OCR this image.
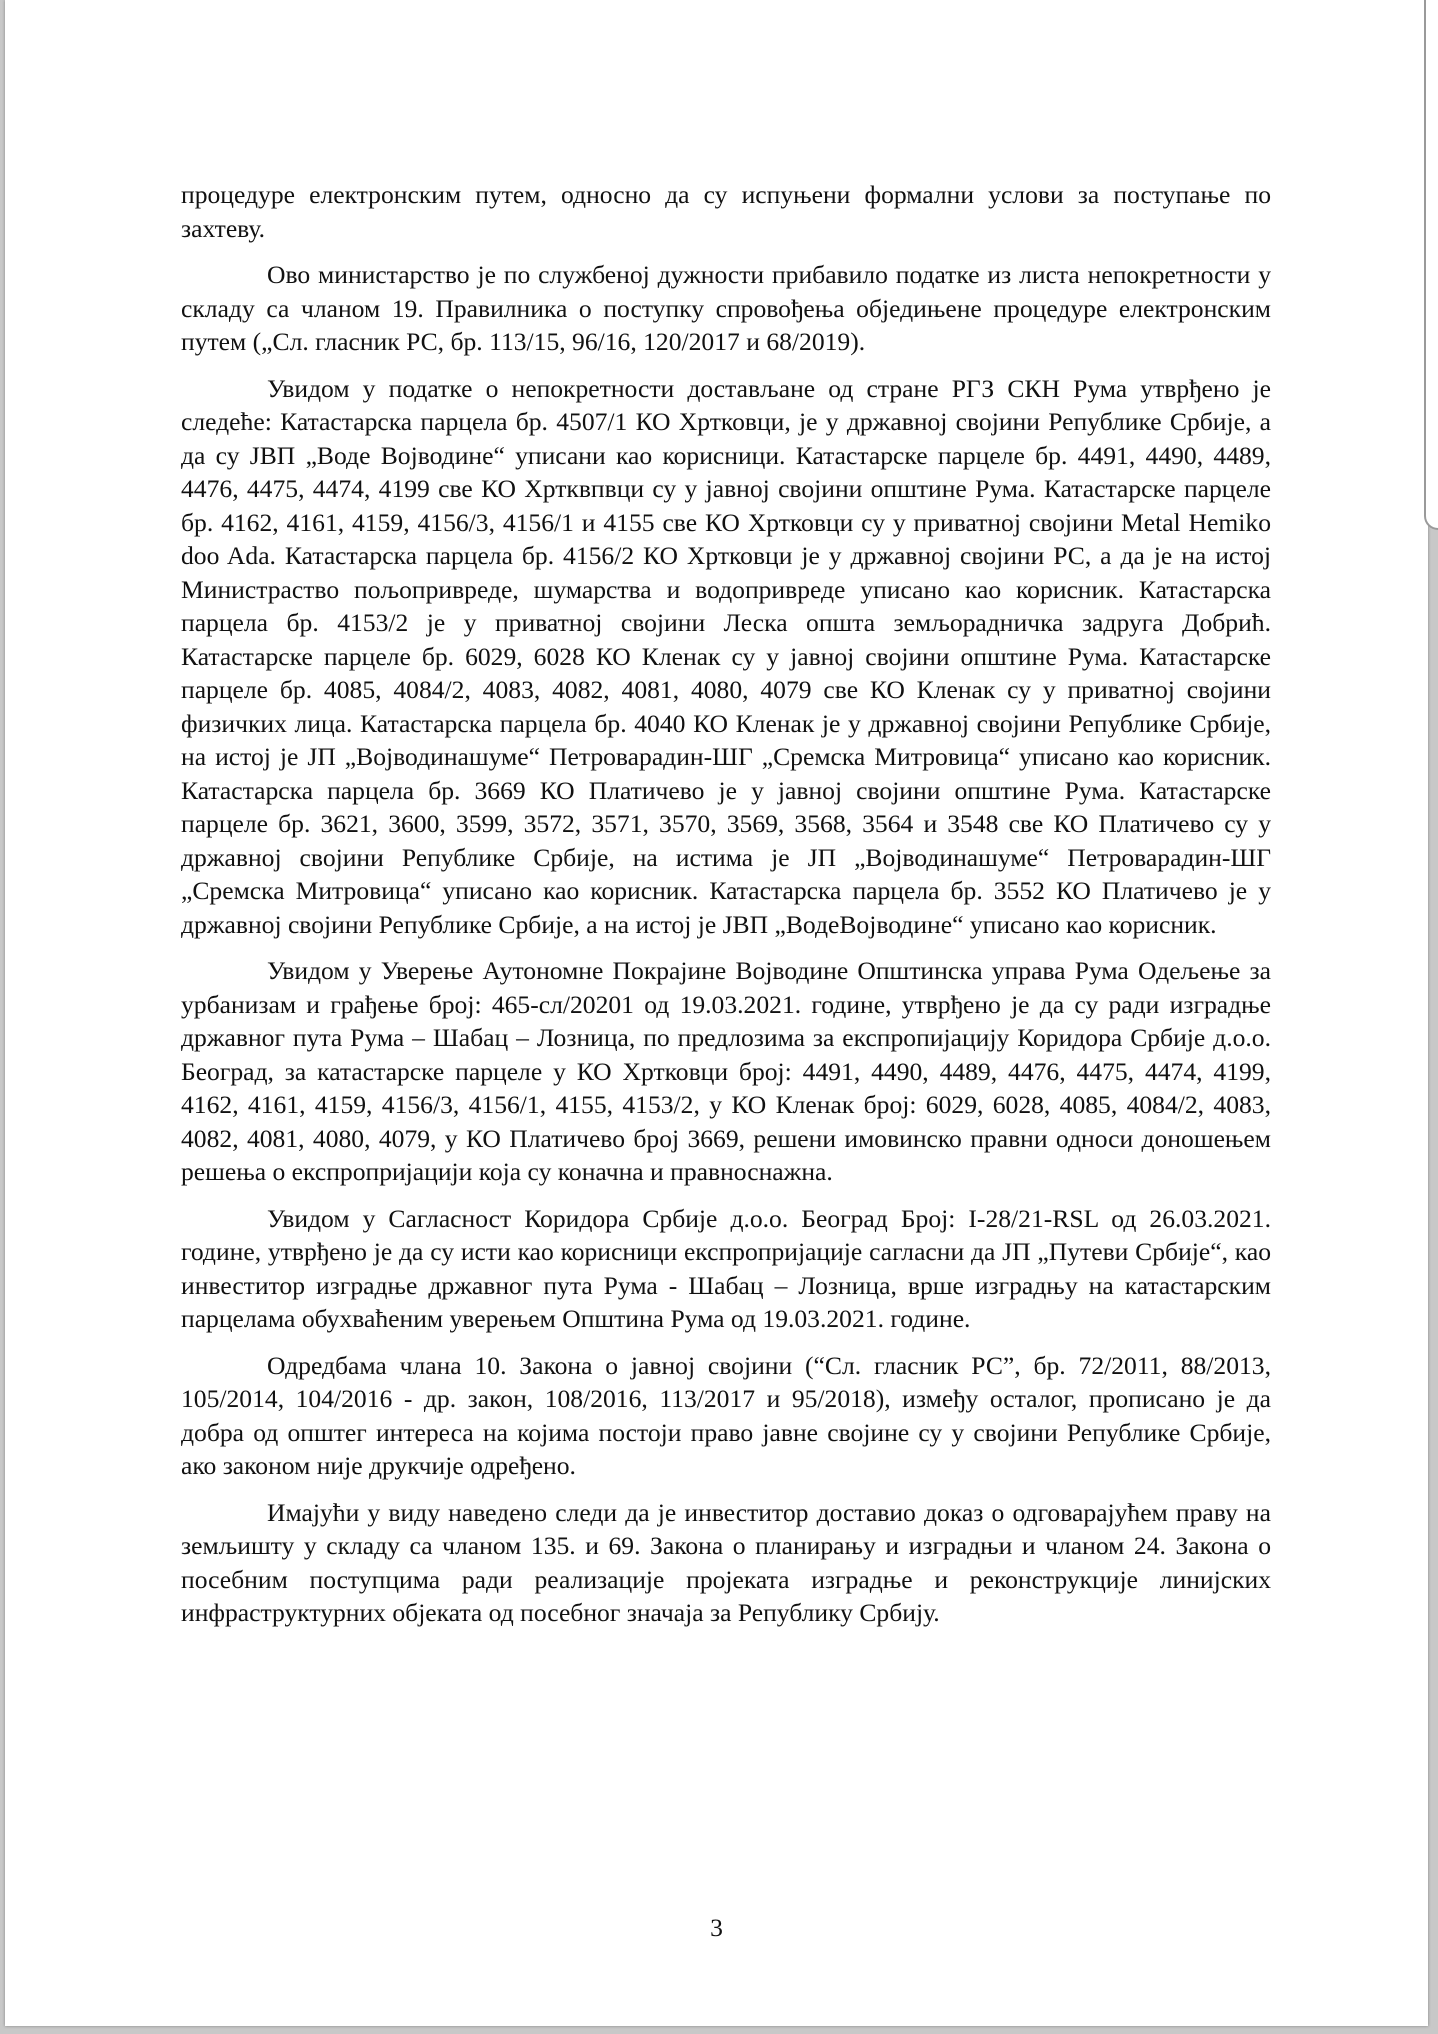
процедуре електронским путем, односно да су испуњени формални услови за поступање по захтеву.

Ово министарство је по службеној дужности прибавило податке из листа непокретности у складу са чланом 19. Правилника о поступку спровођења обједињене процедуре електронским путем („Сл. гласник РС, бр. 113/15, 96/16, 120/2017 и 68/2019).

Увидом у податке о непокретности достављане од стране РГЗ СКН Рума утврђено је следеће: Катастарска парцела бр. 4507/1 КО Хртковци, је у државној својини Републике Србије, а да су ЈВП „Воде Војводине“ уписани као корисници. Катастарске парцеле бр. 4491, 4490, 4489, 4476, 4475, 4474, 4199 све КО Хртквпвци су у јавној својини општине Рума. Катастарске парцеле бр. 4162, 4161, 4159, 4156/3, 4156/1 и 4155 све КО Хртковци су у приватној својини Metal Hemiko doo Ada. Катастарска парцела бр. 4156/2 КО Хртковци је у државној својини РС, а да је на истој Министраство пољопривреде, шумарства и водопривреде уписано као корисник. Катастарска парцела бр. 4153/2 је у приватној својини Леска општа земљорадничка задруга Добрић. Катастарске парцеле бр. 6029, 6028 КО Кленак су у јавној својини општине Рума. Катастарске парцеле бр. 4085, 4084/2, 4083, 4082, 4081, 4080, 4079 све КО Кленак су у приватној својини физичких лица. Катастарска парцела бр. 4040 КО Кленак је у државној својини Републике Србије, на истој је ЈП „Војводинашуме“ Петроварадин-ШГ „Сремска Митровица“ уписано као корисник. Катастарска парцела бр. 3669 КО Платичево је у јавној својини општине Рума. Катастарске парцеле бр. 3621, 3600, 3599, 3572, 3571, 3570, 3569, 3568, 3564 и 3548 све КО Платичево су у државној својини Републике Србије, на истима је ЈП „Војводинашуме“ Петроварадин-ШГ „Сремска Митровица“ уписано као корисник. Катастарска парцела бр. 3552 КО Платичево је у државној својини Републике Србије, а на истој је ЈВП „ВодеВојводине“ уписано као корисник.

Увидом у Уверење Аутономне Покрајине Војводине Општинска управа Рума Одељење за урбанизам и грађење број: 465-сл/20201 од 19.03.2021. године, утврђено је да су ради изградње државног пута Рума – Шабац – Лозница, по предлозима за експропијацију Коридора Србије д.о.о. Београд, за катастарске парцеле у КО Хртковци број: 4491, 4490, 4489, 4476, 4475, 4474, 4199, 4162, 4161, 4159, 4156/3, 4156/1, 4155, 4153/2, у КО Кленак број: 6029, 6028, 4085, 4084/2, 4083, 4082, 4081, 4080, 4079, у КО Платичево број 3669, решени имовинско правни односи доношењем решења о експропријацији која су коначна и правноснажна.

Увидом у Сагласност Коридора Србије д.о.о. Београд Број: I-28/21-RSL од 26.03.2021. године, утврђено је да су исти као корисници експропријације сагласни да ЈП „Путеви Србије“, као инвеститор изградње државног пута Рума - Шабац – Лозница, врше изградњу на катастарским парцелама обухваћеним уверењем Општина Рума од 19.03.2021. године.

Одредбама члана 10. Закона о јавној својини (“Сл. гласник РС”, бр. 72/2011, 88/2013, 105/2014, 104/2016 - др. закон, 108/2016, 113/2017 и 95/2018), између осталог, прописано је да добра од општег интереса на којима постоји право јавне својине су у својини Републике Србије, ако законом није друкчије одређено.

Имајући у виду наведено следи да је инвеститор доставио доказ о одговарајућем праву на земљишту у складу са чланом 135. и 69. Закона о планирању и изградњи и чланом 24. Закона о посебним поступцима ради реализације пројеката изградње и реконструкције линијских инфраструктурних објеката од посебног значаја за Републику Србију.

3
